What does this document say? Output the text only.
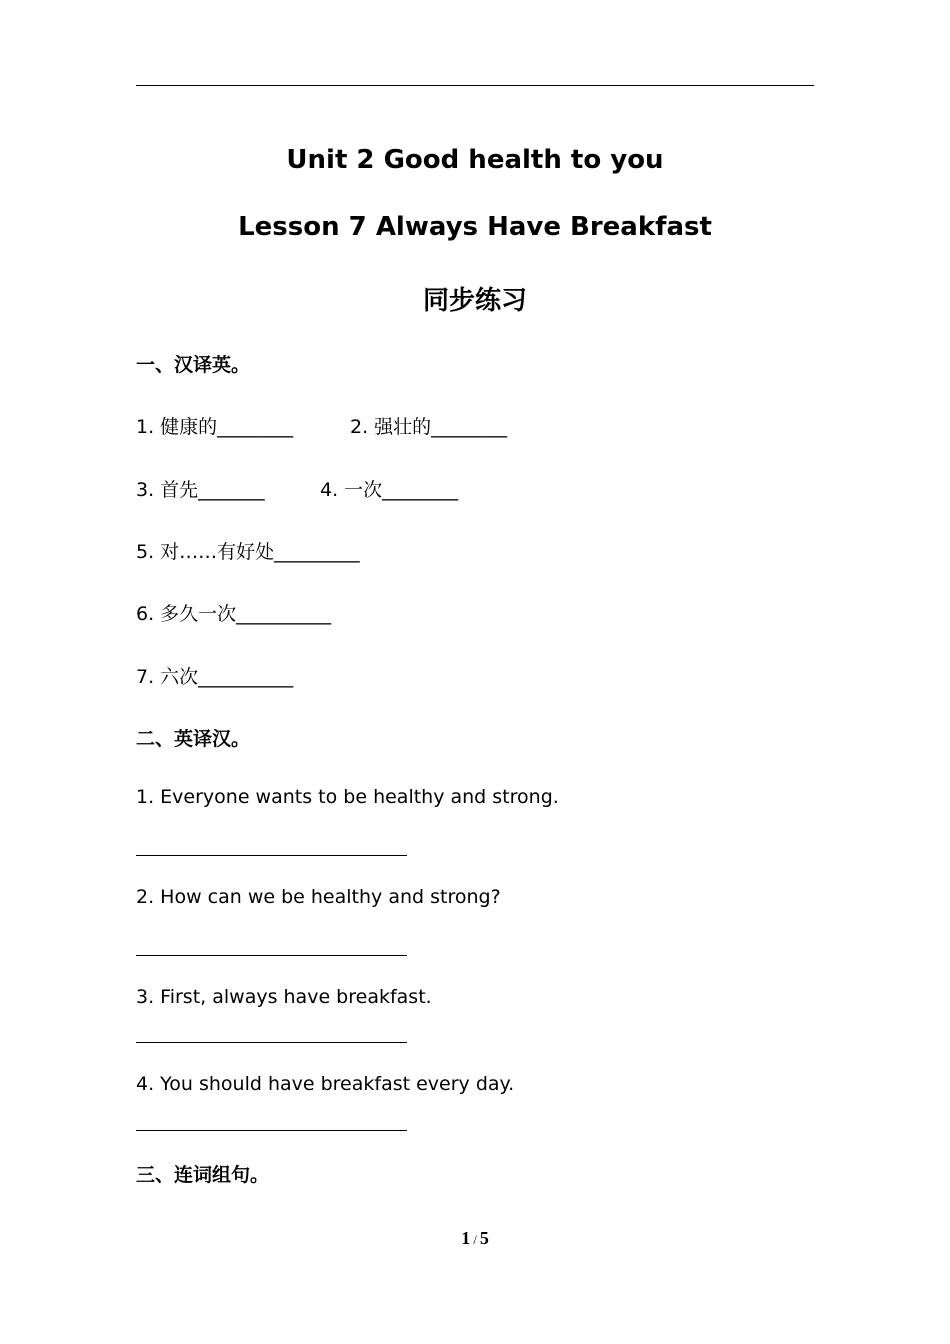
Unit 2 Good health to you
Lesson 7 Always Have Breakfast
同步练习
一、汉译英。
1. 健康的________	2. 强壮的________
3. 首先_______	4. 一次________
5. 对……有好处_________
6. 多久一次__________
7. 六次__________
二、英译汉。
1. Everyone wants to be healthy and strong.
2. How can we be healthy and strong?
3. First, always have breakfast.
4. You should have breakfast every day.
三、连词组句。
1 / 5
